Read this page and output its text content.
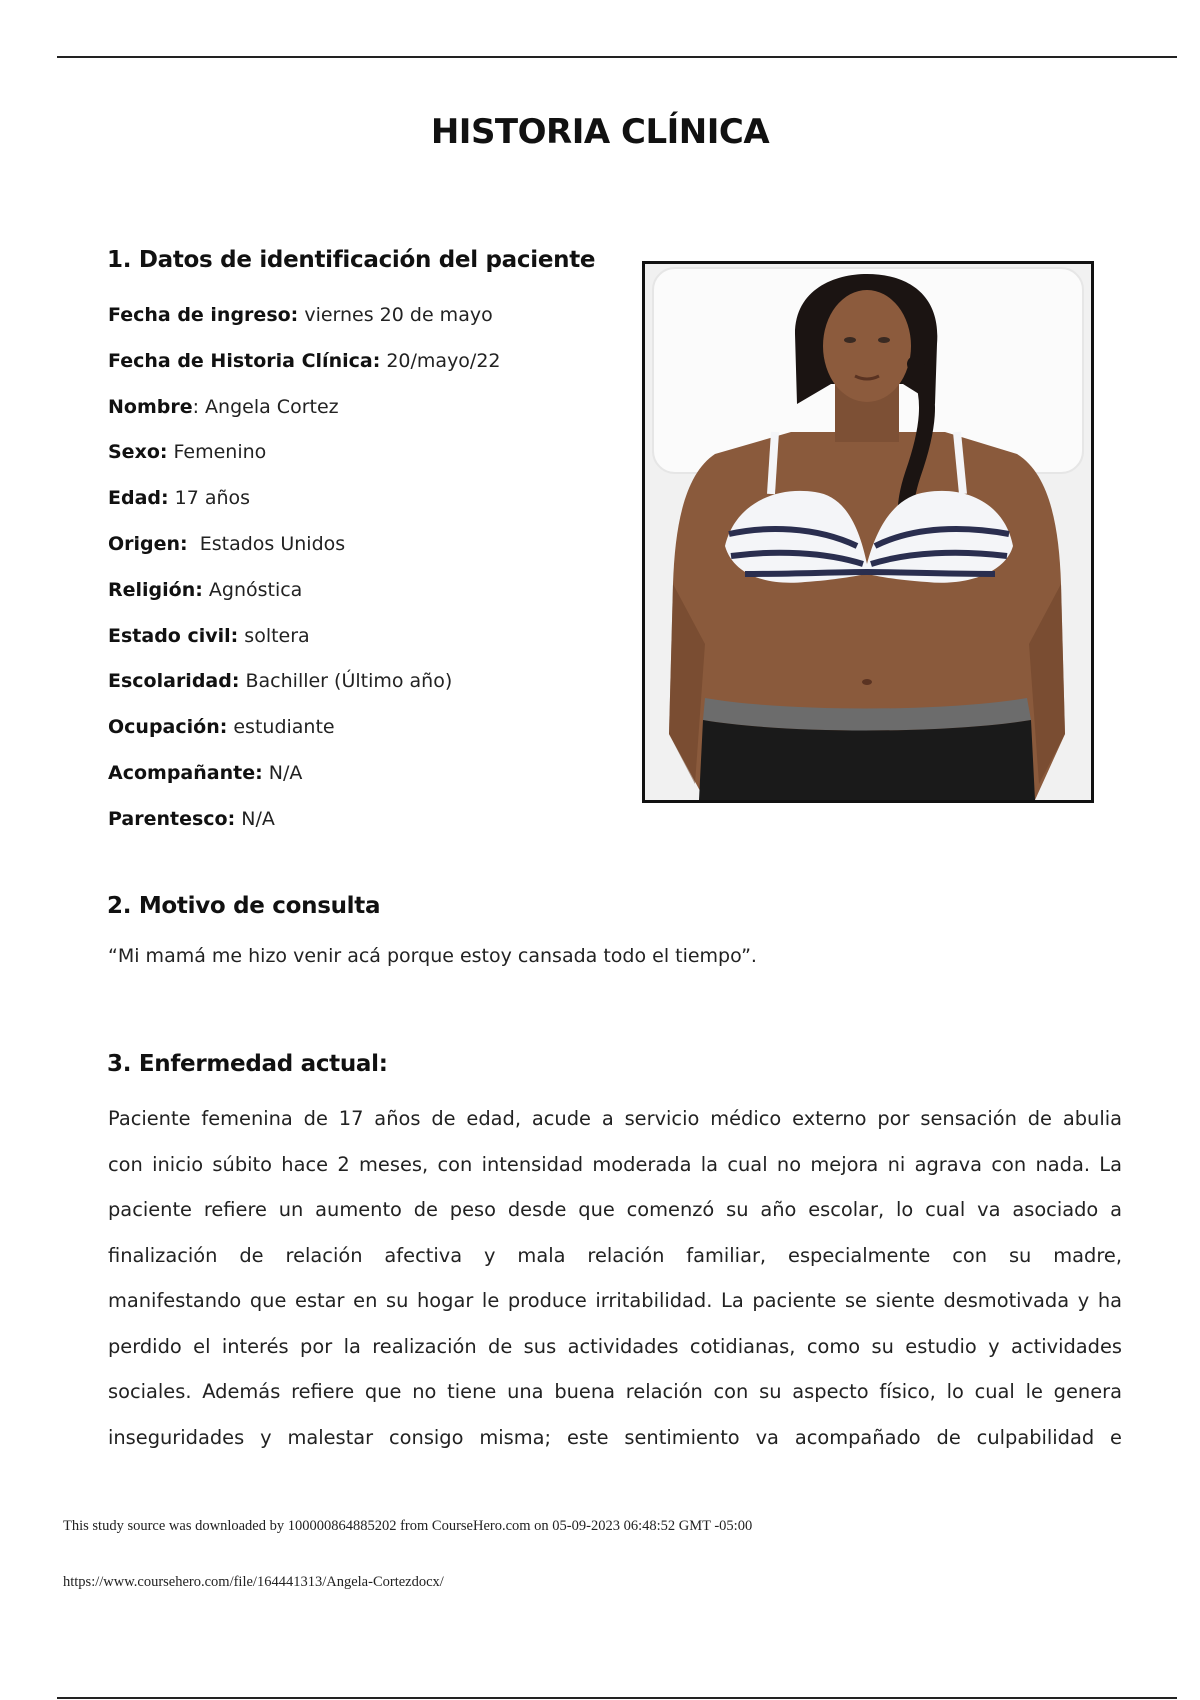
HISTORIA CLÍNICA
1. Datos de identificación del paciente
Fecha de ingreso: viernes 20 de mayo
Fecha de Historia Clínica: 20/mayo/22
Nombre: Angela Cortez
Sexo: Femenino
Edad: 17 años
Origen:  Estados Unidos
Religión: Agnóstica
Estado civil: soltera
Escolaridad: Bachiller (Último año)
Ocupación: estudiante
Acompañante: N/A
Parentesco: N/A
2. Motivo de consulta
“Mi mamá me hizo venir acá porque estoy cansada todo el tiempo”.
3. Enfermedad actual:
Paciente femenina de 17 años de edad, acude a servicio médico externo por sensación de abulia
con inicio súbito hace 2 meses, con intensidad moderada la cual no mejora ni agrava con nada. La
paciente refiere un aumento de peso desde que comenzó su año escolar, lo cual va asociado a
finalización de relación afectiva y mala relación familiar, especialmente con su madre,
manifestando que estar en su hogar le produce irritabilidad. La paciente se siente desmotivada y ha
perdido el interés por la realización de sus actividades cotidianas, como su estudio y actividades
sociales. Además refiere que no tiene una buena relación con su aspecto físico, lo cual le genera
inseguridades y malestar consigo misma; este sentimiento va acompañado de culpabilidad e
This study source was downloaded by 100000864885202 from CourseHero.com on 05-09-2023 06:48:52 GMT -05:00
https://www.coursehero.com/file/164441313/Angela-Cortezdocx/
